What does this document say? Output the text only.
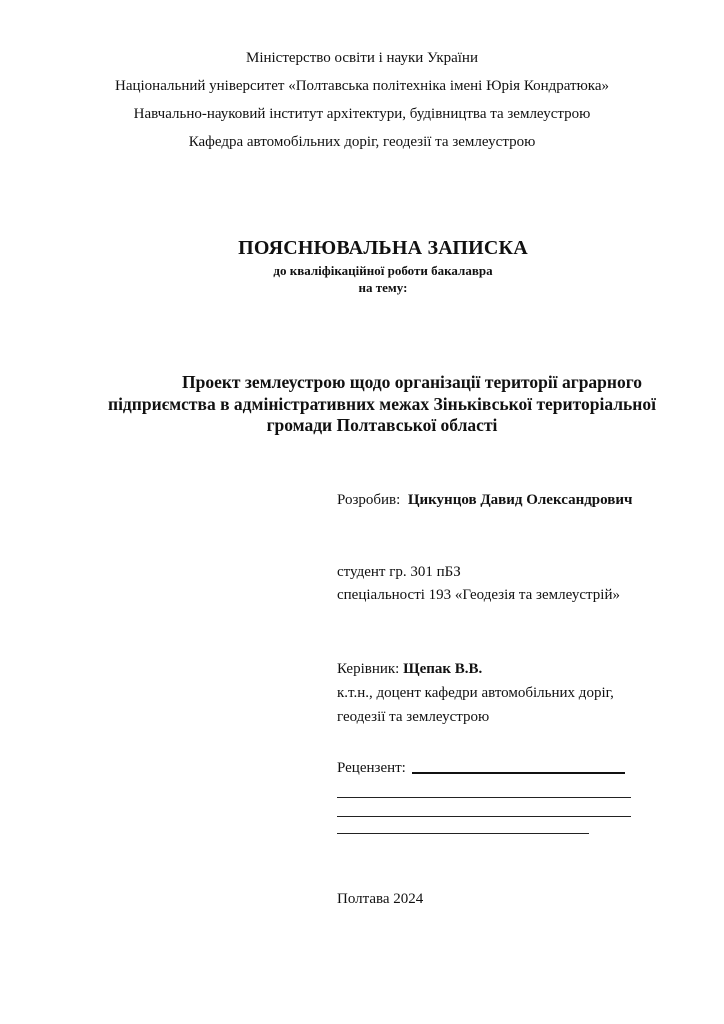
Міністерство освіти і науки України
Національний університет «Полтавська політехніка імені Юрія Кондратюка»
Навчально-науковий інститут архітектури, будівництва та землеустрою
Кафедра автомобільних доріг, геодезії та землеустрою
ПОЯСНЮВАЛЬНА ЗАПИСКА
до кваліфікаційної роботи бакалавра
на тему:
Проект землеустрою щодо організації території аграрного
підприємства в адміністративних межах Зіньківської територіальної
громади Полтавської області
Розробив: Цикунцов Давид Олександрович
студент гр. 301 пБЗ
спеціальності 193 «Геодезія та землеустрій»
Керівник: Щепак В.В.
к.т.н., доцент кафедри автомобільних доріг,
геодезії та землеустрою
Рецензент:
Полтава 2024
